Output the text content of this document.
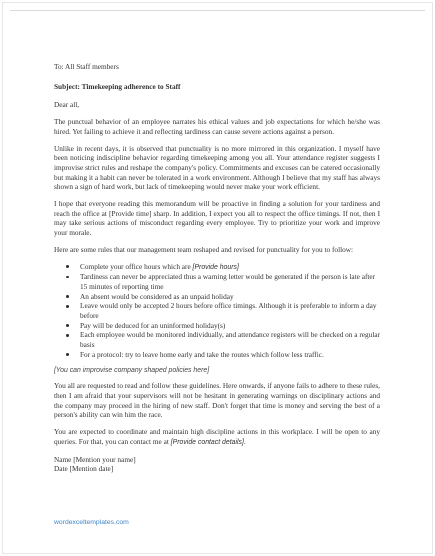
To: All Staff members

Subject: Timekeeping adherence to Staff

Dear all,

The punctual behavior of an employee narrates his ethical values and job expectations for which he/she was hired. Yet failing to achieve it and reflecting tardiness can cause severe actions against a person.

Unlike in recent days, it is observed that punctuality is no more mirrored in this organization. I myself have been noticing indiscipline behavior regarding timekeeping among you all. Your attendance register suggests I improvise strict rules and reshape the company's policy. Commitments and excuses can be catered occasionally but making it a habit can never be tolerated in a work environment. Although I believe that my staff has always shown a sign of hard work, but lack of timekeeping would never make your work efficient.

I hope that everyone reading this memorandum will be proactive in finding a solution for your tardiness and reach the office at [Provide time] sharp. In addition, I expect you all to respect the office timings. If not, then I may take serious actions of misconduct regarding every employee. Try to prioritize your work and improve your morale.

Here are some rules that our management team reshaped and revised for punctuality for you to follow:

Complete your office hours which are [Provide hours]
Tardiness can never be appreciated thus a warning letter would be generated if the person is late after 15 minutes of reporting time
An absent would be considered as an unpaid holiday
Leave would only be accepted 2 hours before office timings. Although it is preferable to inform a day before
Pay will be deduced for an uninformed holiday(s)
Each employee would be monitored individually, and attendance registers will be checked on a regular basis
For a protocol: try to leave home early and take the routes which follow less traffic.

[You can improvise company shaped policies here]

You all are requested to read and follow these guidelines. Here onwards, if anyone fails to adhere to these rules, then I am afraid that your supervisors will not be hesitant in generating warnings on disciplinary actions and the company may proceed in the hiring of new staff. Don't forget that time is money and serving the best of a person's ability can win him the race.

You are expected to coordinate and maintain high discipline actions in this workplace. I will be open to any queries. For that, you can contact me at [Provide contact details].

Name [Mention your name]

Date [Mention date]

wordexceltemplates.com
